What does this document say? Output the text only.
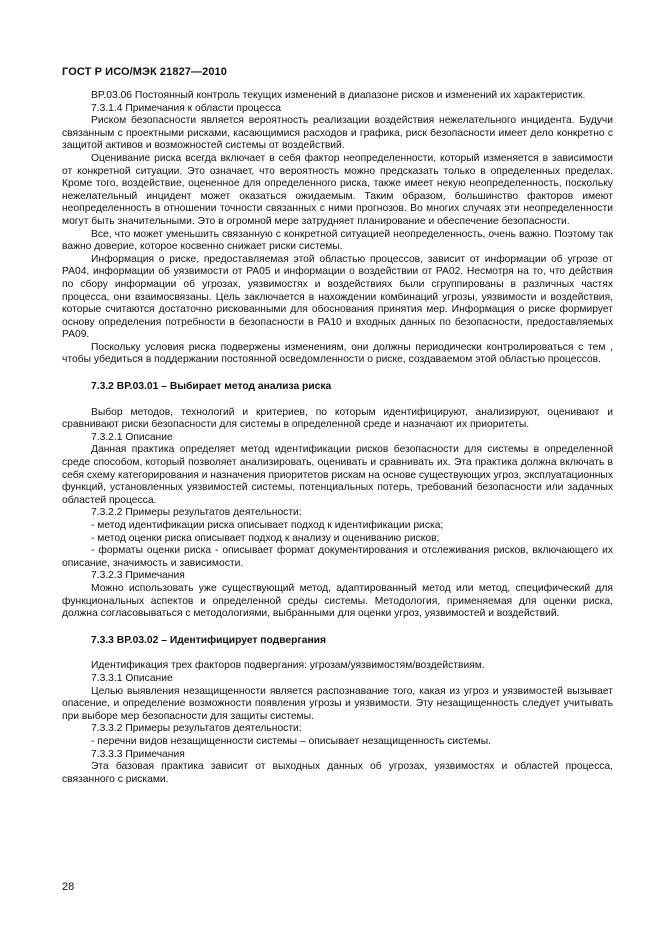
ГОСТ Р ИСО/МЭК 21827—2010

BP.03.06 Постоянный контроль текущих изменений в диапазоне рисков и изменений их характеристик.

7.3.1.4 Примечания к области процесса

Риском безопасности является вероятность реализации воздействия нежелательного инцидента. Будучи связанным с проектными рисками, касающимися расходов и графика, риск безопасности имеет дело конкретно с защитой активов и возможностей системы от воздействий.

Оценивание риска всегда включает в себя фактор неопределенности, который изменяется в зависимости от конкретной ситуации. Это означает, что вероятность можно предсказать только в определенных пределах. Кроме того, воздействие, оцененное для определенного риска, также имеет некую неопределенность, поскольку нежелательный инцидент может оказаться ожидаемым. Таким образом, большинство факторов имеют неопределенность в отношении точности связанных с ними прогнозов. Во многих случаях эти неопределенности могут быть значительными. Это в огромной мере затрудняет планирование и обеспечение безопасности.

Все, что может уменьшить связанную с конкретной ситуацией неопределенность, очень важно. Поэтому так важно доверие, которое косвенно снижает риски системы.

Информация о риске, предоставляемая этой областью процессов, зависит от информации об угрозе от PA04, информации об уязвимости от PA05 и информации о воздействии от PA02. Несмотря на то, что действия по сбору информации об угрозах, уязвимостях и воздействиях были сгруппированы в различных частях процесса, они взаимосвязаны. Цель заключается в нахождении комбинаций угрозы, уязвимости и воздействия, которые считаются достаточно рискованными для обоснования принятия мер. Информация о риске формирует основу определения потребности в безопасности в PA10 и входных данных по безопасности, предоставляемых PA09.

Поскольку условия риска подвержены изменениям, они должны периодически контролироваться с тем , чтобы убедиться в поддержании постоянной осведомленности о риске, создаваемом этой областью процессов.

7.3.2 BP.03.01 – Выбирает метод анализа риска

Выбор методов, технологий и критериев, по которым идентифицируют, анализируют, оценивают и сравнивают риски безопасности для системы в определенной среде и назначают их приоритеты.

7.3.2.1 Описание

Данная практика определяет метод идентификации рисков безопасности для системы в определенной среде способом, который позволяет анализировать, оценивать и сравнивать их. Эта практика должна включать в себя схему категорирования и назначения приоритетов рискам на основе существующих угроз, эксплуатационных функций, установленных уязвимостей системы, потенциальных потерь, требований безопасности или задачных областей процесса.

7.3.2.2 Примеры результатов деятельности:

- метод идентификации риска описывает подход к идентификации риска;

- метод оценки риска описывает подход к анализу и оцениванию рисков;

- форматы оценки риска - описывает формат документирования и отслеживания рисков, включающего их описание, значимость и зависимости.

7.3.2.3 Примечания

Можно использовать уже существующий метод, адаптированный метод или метод, специфический для функциональных аспектов и определенной среды системы. Методология, применяемая для оценки риска, должна согласовываться с методологиями, выбранными для оценки угроз, уязвимостей и воздействий.

7.3.3 BP.03.02 – Идентифицирует подвергания

Идентификация трех факторов подвергания: угрозам/уязвимостям/воздействиям.

7.3.3.1 Описание

Целью выявления незащищенности является распознавание того, какая из угроз и уязвимостей вызывает опасение, и определение возможности появления угрозы и уязвимости. Эту незащищенность следует учитывать при выборе мер безопасности для защиты системы.

7.3.3.2 Примеры результатов деятельности:

- перечни видов незащищенности системы – описывает незащищенность системы.

7.3.3.3 Примечания

Эта базовая практика зависит от выходных данных об угрозах, уязвимостях и областей процесса, связанного с рисками.

28
